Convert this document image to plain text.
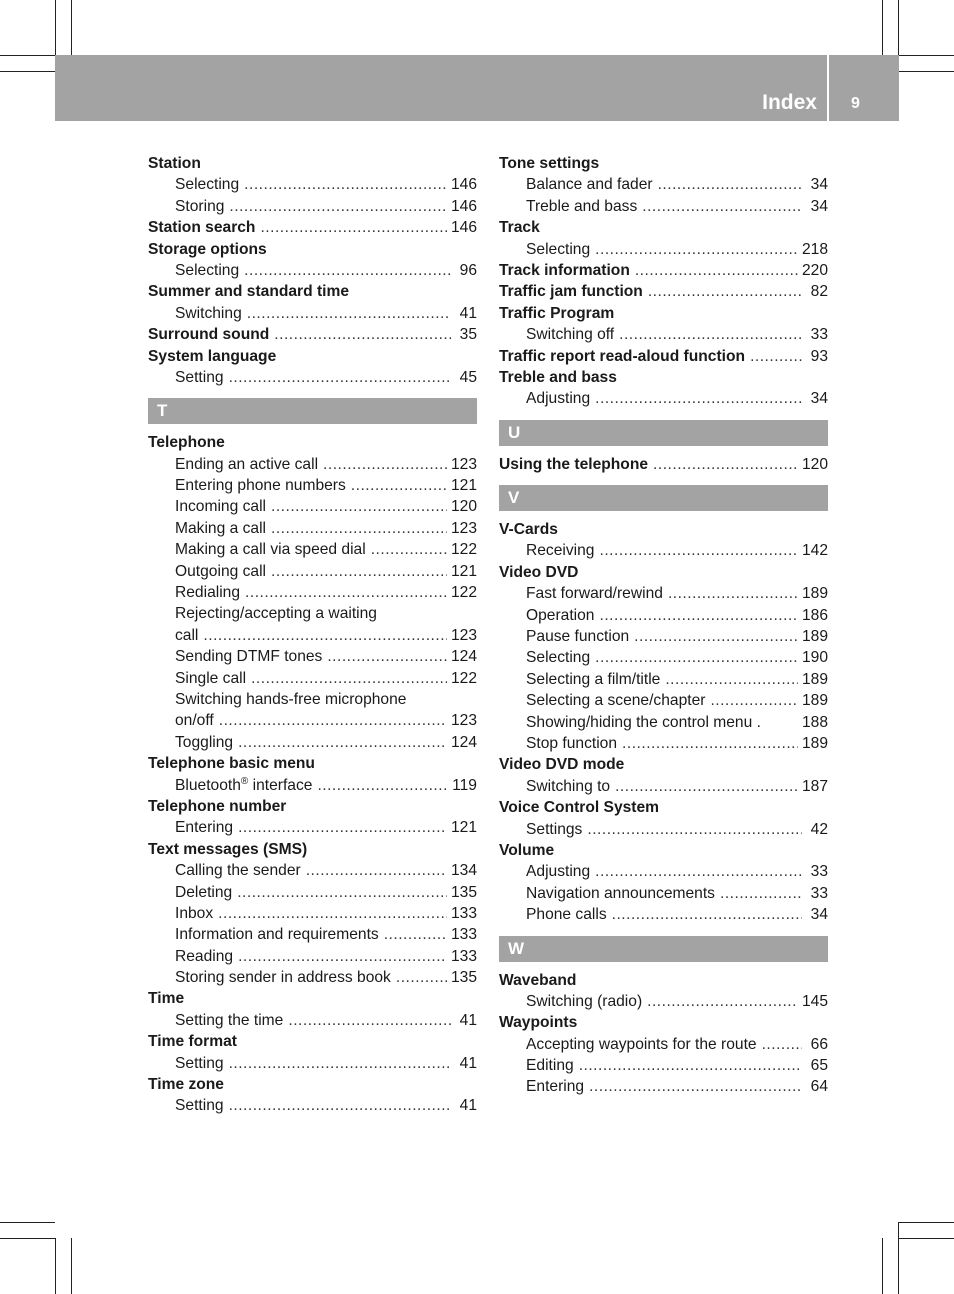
Index 9
Station
Selecting .....	146
Storing .....	146
Station search .....	146
Storage options
Selecting .....	96
Summer and standard time
Switching .....	41
Surround sound .....	35
System language
Setting .....	45
T
Telephone
Ending an active call .....	123
Entering phone numbers .....	121
Incoming call .....	120
Making a call .....	123
Making a call via speed dial .....	122
Outgoing call .....	121
Redialing .....	122
Rejecting/accepting a waiting
call .....	123
Sending DTMF tones .....	124
Single call .....	122
Switching hands-free microphone
on/off .....	123
Toggling .....	124
Telephone basic menu
Bluetooth® interface .....	119
Telephone number
Entering .....	121
Text messages (SMS)
Calling the sender .....	134
Deleting .....	135
Inbox .....	133
Information and requirements .....	133
Reading .....	133
Storing sender in address book .....	135
Time
Setting the time .....	41
Time format
Setting .....	41
Time zone
Setting .....	41
Tone settings
Balance and fader .....	34
Treble and bass .....	34
Track
Selecting .....	218
Track information .....	220
Traffic jam function .....	82
Traffic Program
Switching off .....	33
Traffic report read-aloud function .....	93
Treble and bass
Adjusting .....	34
U
Using the telephone .....	120
V
V-Cards
Receiving .....	142
Video DVD
Fast forward/rewind .....	189
Operation .....	186
Pause function .....	189
Selecting .....	190
Selecting a film/title .....	189
Selecting a scene/chapter .....	189
Showing/hiding the control menu .	188
Stop function .....	189
Video DVD mode
Switching to .....	187
Voice Control System
Settings .....	42
Volume
Adjusting .....	33
Navigation announcements .....	33
Phone calls .....	34
W
Waveband
Switching (radio) .....	145
Waypoints
Accepting waypoints for the route .....	66
Editing .....	65
Entering .....	64
